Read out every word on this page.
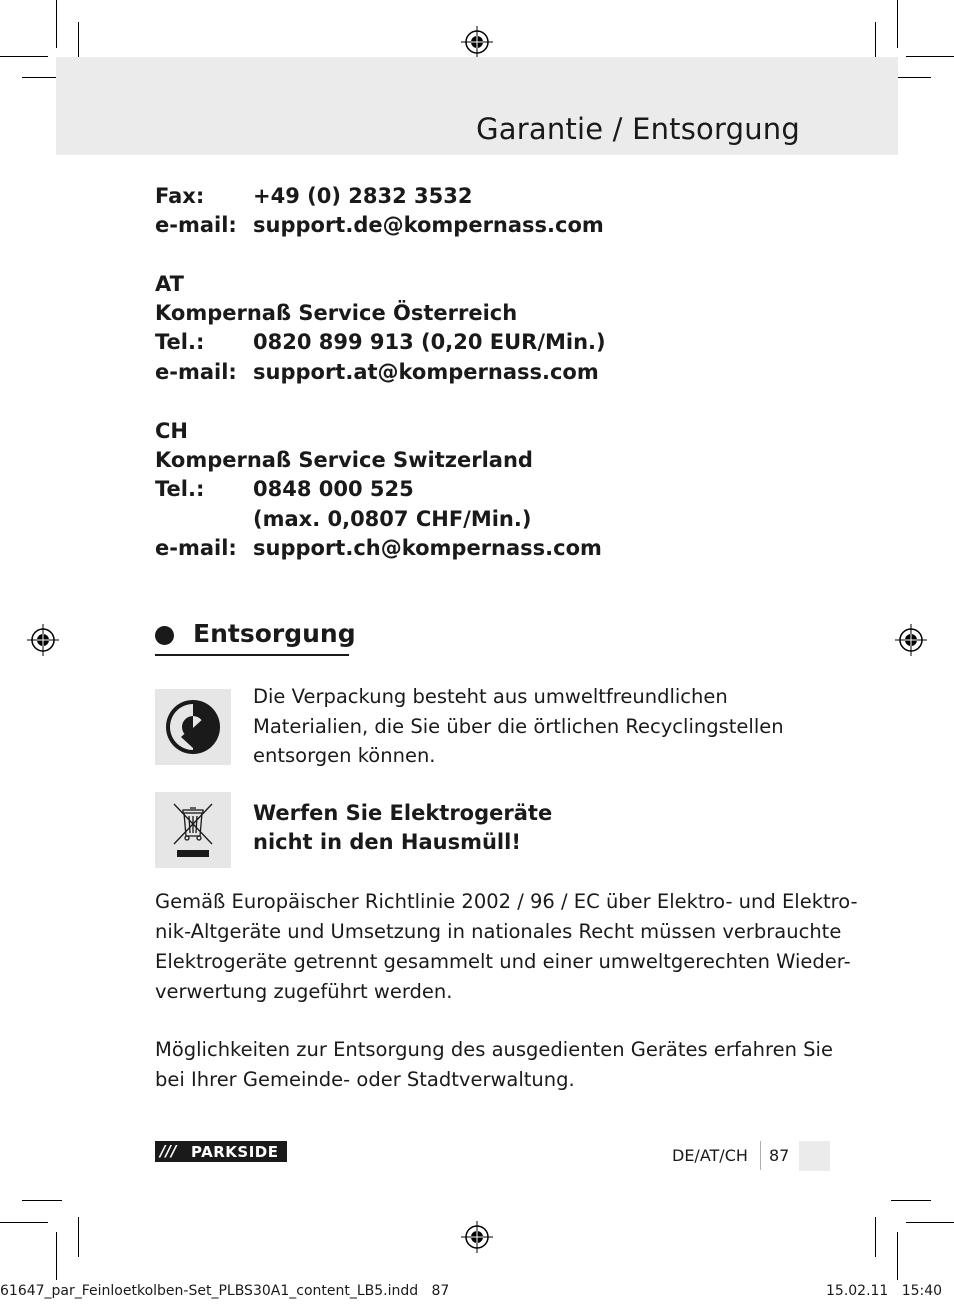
Garantie / Entsorgung
Fax: +49 (0) 2832 3532
e-mail: support.de@kompernass.com
AT
Kompernaß Service Österreich
Tel.: 0820 899 913 (0,20 EUR/Min.)
e-mail: support.at@kompernass.com
CH
Kompernaß Service Switzerland
Tel.: 0848 000 525
(max. 0,0807 CHF/Min.)
e-mail: support.ch@kompernass.com
Entsorgung
Die Verpackung besteht aus umweltfreundlichen
Materialien, die Sie über die örtlichen Recyclingstellen
entsorgen können.
Werfen Sie Elektrogeräte
nicht in den Hausmüll!
Gemäß Europäischer Richtlinie 2002 / 96 / EC über Elektro- und Elektro-
nik-Altgeräte und Umsetzung in nationales Recht müssen verbrauchte
Elektrogeräte getrennt gesammelt und einer umweltgerechten Wieder-
verwertung zugeführt werden.
Möglichkeiten zur Entsorgung des ausgedienten Gerätes erfahren Sie
bei Ihrer Gemeinde- oder Stadtverwaltung.
/// PARKSIDE	DE/AT/CH 87
61647_par_Feinloetkolben-Set_PLBS30A1_content_LB5.indd   87	15.02.11   15:40
